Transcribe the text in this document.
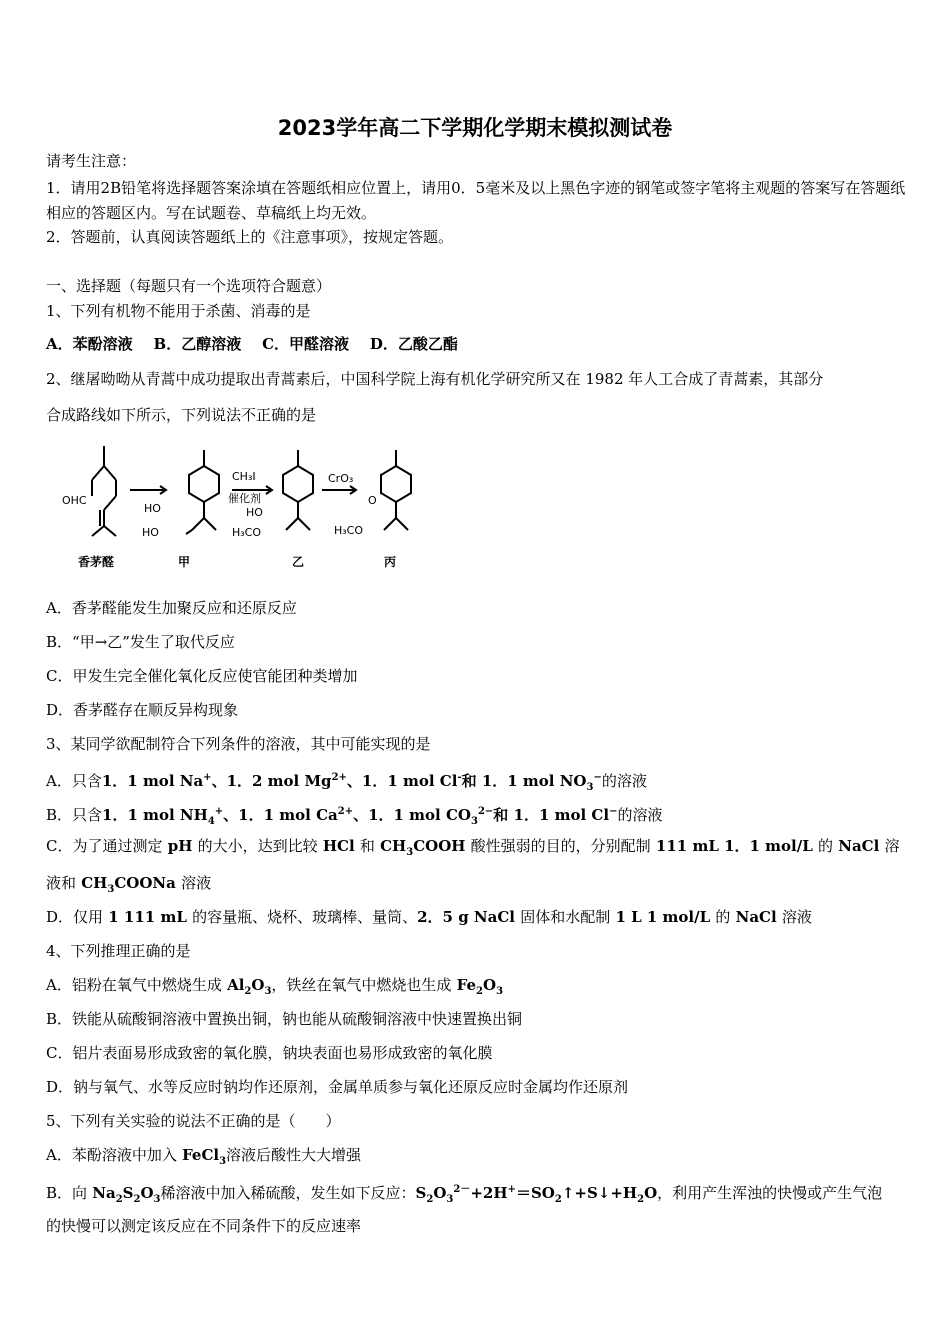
2023学年高二下学期化学期末模拟测试卷
请考生注意：
1．请用2B铅笔将选择题答案涂填在答题纸相应位置上，请用0．5毫米及以上黑色字迹的钢笔或签字笔将主观题的答案写在答题纸相应的答题区内。写在试题卷、草稿纸上均无效。
2．答题前，认真阅读答题纸上的《注意事项》，按规定答题。
一、选择题（每题只有一个选项符合题意）
1、下列有机物不能用于杀菌、消毒的是
A．苯酚溶液    B．乙醇溶液    C．甲醛溶液    D．乙酸乙酯
2、继屠呦呦从青蒿中成功提取出青蒿素后，中国科学院上海有机化学研究所又在 1982 年人工合成了青蒿素，其部分
合成路线如下所示，下列说法不正确的是
OHC
HO
HO
CH₃I
催化剂
HO
H₃CO
CrO₃
O
H₃CO
香茅醛	甲	乙	丙
A．香茅醛能发生加聚反应和还原反应
B．“甲→乙”发生了取代反应
C．甲发生完全催化氧化反应使官能团种类增加
D．香茅醛存在顺反异构现象
3、某同学欲配制符合下列条件的溶液，其中可能实现的是
A．只含1．1 mol Na+、1．2 mol $Mg^{2+}$、1．1 mol Cl-和 1．1 mol $NO_3^-$的溶液
B．只含1．1 mol $NH_4^+$、1．1 mol $Ca^{2+}$、1．1 mol $CO_3^{2-}$和 1．1 mol Cl−的溶液
C．为了通过测定 pH 的大小，达到比较 HCl 和 $CH_3COOH$ 酸性强弱的目的，分别配制 111 mL 1．1 mol/L 的 NaCl 溶
液和 $CH_3COONa$ 溶液
D．仅用 1 111 mL 的容量瓶、烧杯、玻璃棒、量筒、2．5 g NaCl 固体和水配制 1 L 1 mol/L 的 NaCl 溶液
4、下列推理正确的是
A．铝粉在氧气中燃烧生成 $Al_2O_3$，铁丝在氧气中燃烧也生成 $Fe_2O_3$
B．铁能从硫酸铜溶液中置换出铜，钠也能从硫酸铜溶液中快速置换出铜
C．铝片表面易形成致密的氧化膜，钠块表面也易形成致密的氧化膜
D．钠与氧气、水等反应时钠均作还原剂，金属单质参与氧化还原反应时金属均作还原剂
5、下列有关实验的说法不正确的是（　　）
A．苯酚溶液中加入 FeCl$_3$溶液后酸性大大增强
B．向 $Na_2S_2O_3$稀溶液中加入稀硫酸，发生如下反应：$S_2O_3^{2-}+2H^+=SO_2↑+S↓+H_2O$，利用产生浑浊的快慢或产生气泡
的快慢可以测定该反应在不同条件下的反应速率
